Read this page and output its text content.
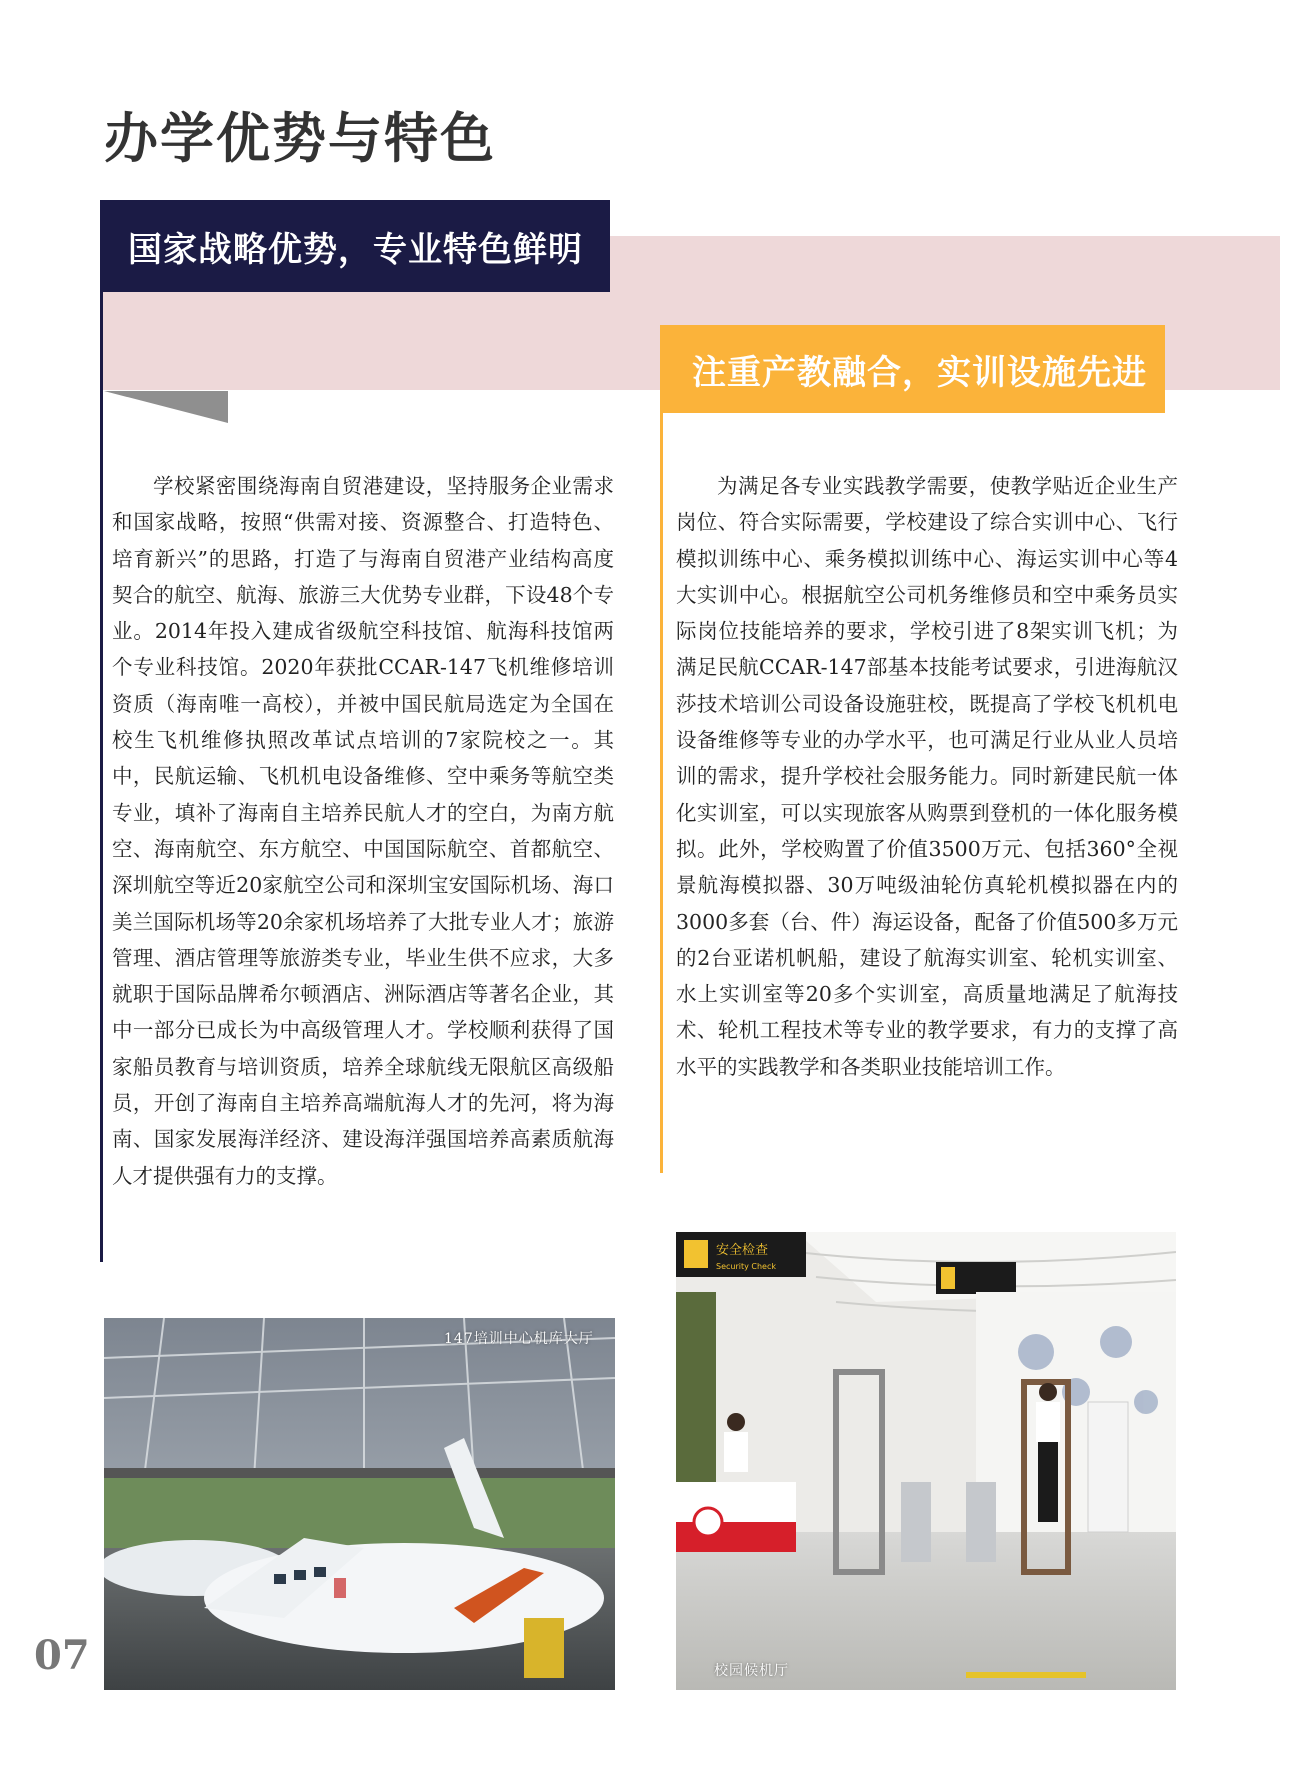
办学优势与特色
国家战略优势，专业特色鲜明
注重产教融合，实训设施先进

学校紧密围绕海南自贸港建设，坚持服务企业需求和国家战略，按照“供需对接、资源整合、打造特色、培育新兴”的思路，打造了与海南自贸港产业结构高度契合的航空、航海、旅游三大优势专业群，下设48个专业。2014年投入建成省级航空科技馆、航海科技馆两个专业科技馆。2020年获批CCAR-147飞机维修培训资质（海南唯一高校），并被中国民航局选定为全国在校生飞机维修执照改革试点培训的7家院校之一。其中，民航运输、飞机机电设备维修、空中乘务等航空类专业，填补了海南自主培养民航人才的空白，为南方航空、海南航空、东方航空、中国国际航空、首都航空、深圳航空等近20家航空公司和深圳宝安国际机场、海口美兰国际机场等20余家机场培养了大批专业人才；旅游管理、酒店管理等旅游类专业，毕业生供不应求，大多就职于国际品牌希尔顿酒店、洲际酒店等著名企业，其中一部分已成长为中高级管理人才。学校顺利获得了国家船员教育与培训资质，培养全球航线无限航区高级船员，开创了海南自主培养高端航海人才的先河，将为海南、国家发展海洋经济、建设海洋强国培养高素质航海人才提供强有力的支撑。

为满足各专业实践教学需要，使教学贴近企业生产岗位、符合实际需要，学校建设了综合实训中心、飞行模拟训练中心、乘务模拟训练中心、海运实训中心等4大实训中心。根据航空公司机务维修员和空中乘务员实际岗位技能培养的要求，学校引进了8架实训飞机；为满足民航CCAR-147部基本技能考试要求，引进海航汉莎技术培训公司设备设施驻校，既提高了学校飞机机电设备维修等专业的办学水平，也可满足行业从业人员培训的需求，提升学校社会服务能力。同时新建民航一体化实训室，可以实现旅客从购票到登机的一体化服务模拟。此外，学校购置了价值3500万元、包括360°全视景航海模拟器、30万吨级油轮仿真轮机模拟器在内的3000多套（台、件）海运设备，配备了价值500多万元的2台亚诺机帆船，建设了航海实训室、轮机实训室、水上实训室等20多个实训室，高质量地满足了航海技术、轮机工程技术等专业的教学要求，有力的支撑了高水平的实践教学和各类职业技能培训工作。

147培训中心机库大厅
安全检查
Security Check
校园候机厅
07
